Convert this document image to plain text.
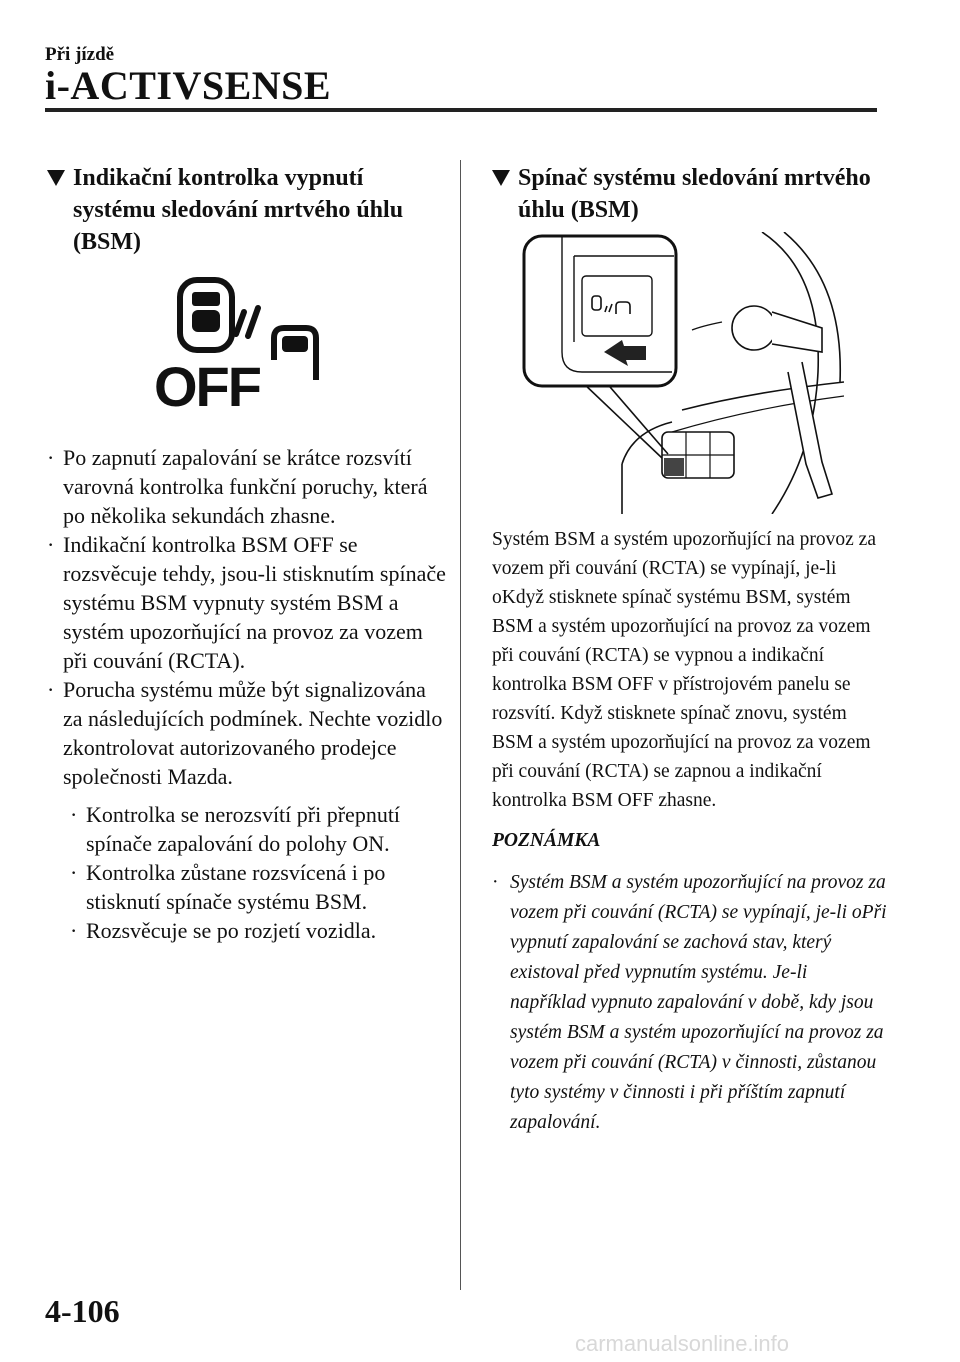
Při jízdě
i-ACTIVSENSE
Indikační kontrolka vypnutí systému sledování mrtvého úhlu (BSM)
OFF
· Po zapnutí zapalování se krátce rozsvítí varovná kontrolka funkční poruchy, která po několika sekundách zhasne.
· Indikační kontrolka BSM OFF se rozsvěcuje tehdy, jsou-li stisknutím spínače systému BSM vypnuty systém BSM a systém upozorňující na provoz za vozem při couvání (RCTA).
· Porucha systému může být signalizována za následujících podmínek. Nechte vozidlo zkontrolovat autorizovaného prodejce společnosti Mazda.
· Kontrolka se nerozsvítí při přepnutí spínače zapalování do polohy ON.
· Kontrolka zůstane rozsvícená i po stisknutí spínače systému BSM.
· Rozsvěcuje se po rozjetí vozidla.
Spínač systému sledování mrtvého úhlu (BSM)
Systém BSM a systém upozorňující na provoz za vozem při couvání (RCTA) se vypínají, je-li oKdyž stisknete spínač systému BSM, systém BSM a systém upozorňující na provoz za vozem při couvání (RCTA) se vypnou a indikační kontrolka BSM OFF v přístrojovém panelu se rozsvítí. Když stisknete spínač znovu, systém BSM a systém upozorňující na provoz za vozem při couvání (RCTA) se zapnou a indikační kontrolka BSM OFF zhasne.
POZNÁMKA
· Systém BSM a systém upozorňující na provoz za vozem při couvání (RCTA) se vypínají, je-li oPři vypnutí zapalování se zachová stav, který existoval před vypnutím systému. Je-li například vypnuto zapalování v době, kdy jsou systém BSM a systém upozorňující na provoz za vozem při couvání (RCTA) v činnosti, zůstanou tyto systémy v činnosti i při příštím zapnutí zapalování.
4-106
carmanualsonline.info
